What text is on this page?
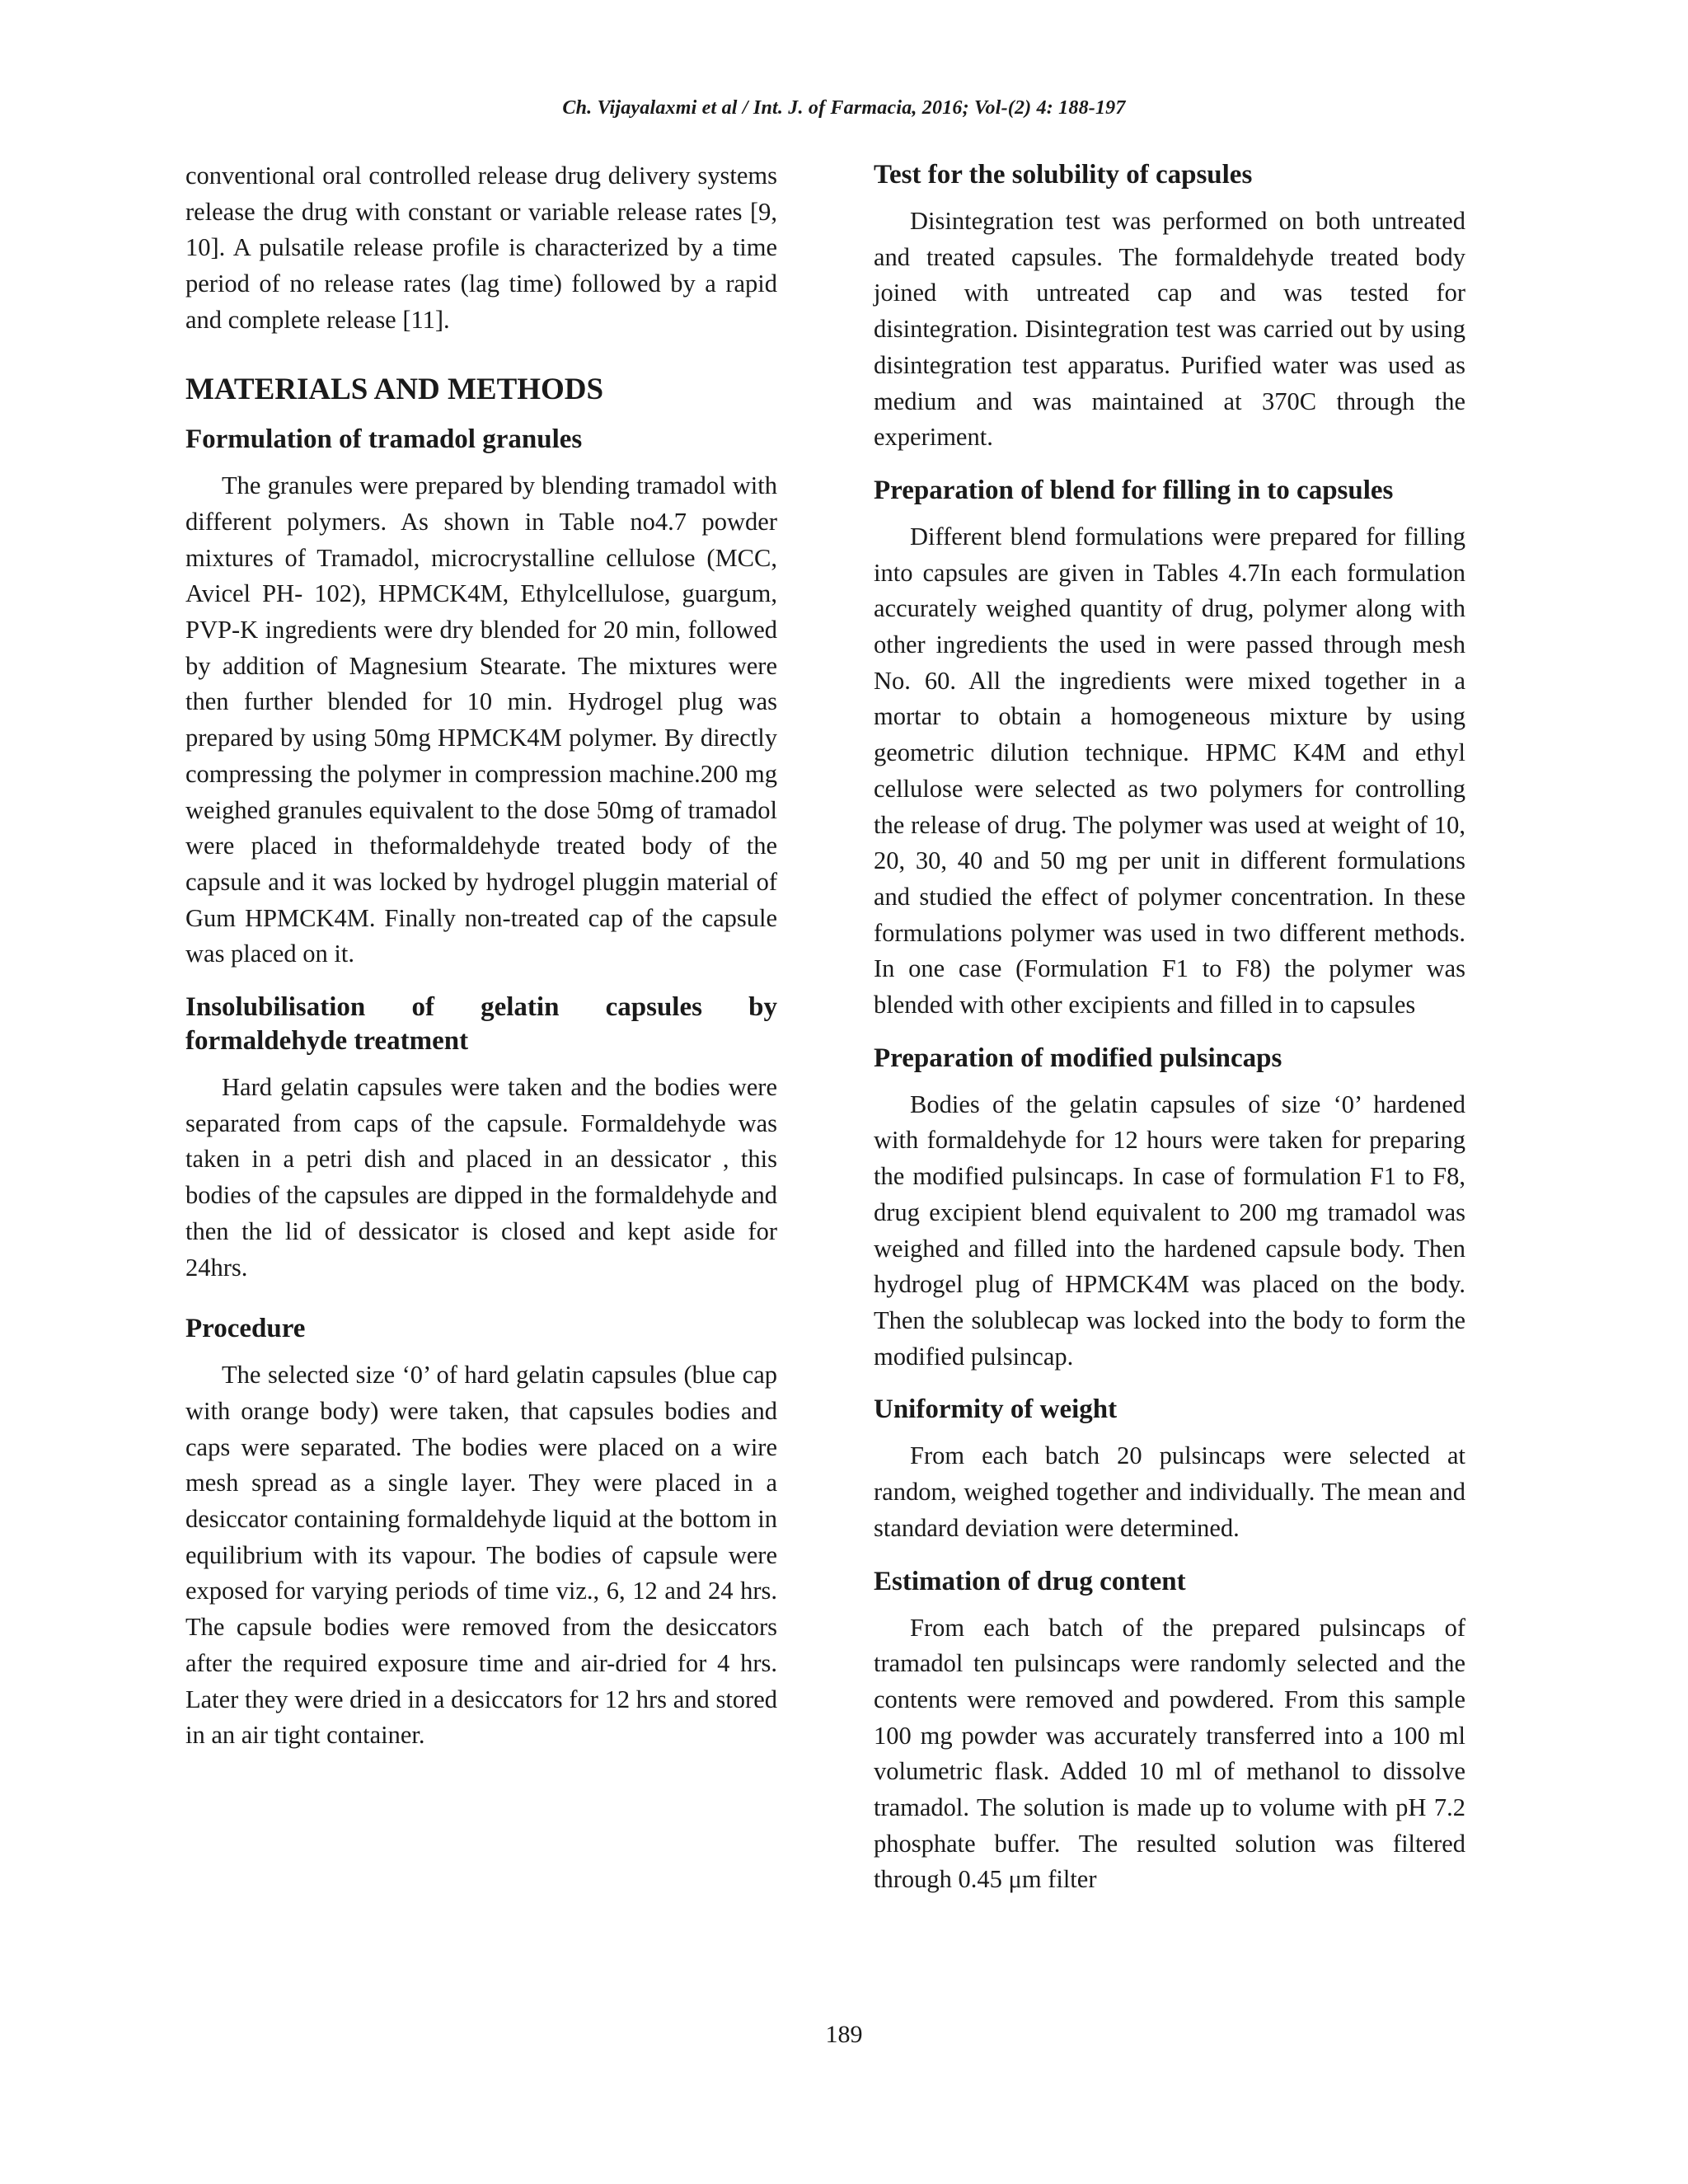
Ch. Vijayalaxmi et al / Int. J. of Farmacia, 2016; Vol-(2) 4: 188-197

conventional oral controlled release drug delivery systems release the drug with constant or variable release rates [9, 10]. A pulsatile release profile is characterized by a time period of no release rates (lag time) followed by a rapid and complete release [11].

MATERIALS AND METHODS
Formulation of tramadol granules

The granules were prepared by blending tramadol with different polymers. As shown in Table no4.7 powder mixtures of Tramadol, microcrystalline cellulose (MCC, Avicel PH- 102), HPMCK4M, Ethylcellulose, guargum, PVP-K ingredients were dry blended for 20 min, followed by addition of Magnesium Stearate. The mixtures were then further blended for 10 min. Hydrogel plug was prepared by using 50mg HPMCK4M polymer. By directly compressing the polymer in compression machine.200 mg weighed granules equivalent to the dose 50mg of tramadol were placed in theformaldehyde treated body of the capsule and it was locked by hydrogel pluggin material of Gum HPMCK4M. Finally non-treated cap of the capsule was placed on it.

Insolubilisation of gelatin capsules by formaldehyde treatment

Hard gelatin capsules were taken and the bodies were separated from caps of the capsule. Formaldehyde was taken in a petri dish and placed in an dessicator , this bodies of the capsules are dipped in the formaldehyde and then the lid of dessicator is closed and kept aside for 24hrs.

Procedure

The selected size ‘0’ of hard gelatin capsules (blue cap with orange body) were taken, that capsules bodies and caps were separated. The bodies were placed on a wire mesh spread as a single layer. They were placed in a desiccator containing formaldehyde liquid at the bottom in equilibrium with its vapour. The bodies of capsule were exposed for varying periods of time viz., 6, 12 and 24 hrs. The capsule bodies were removed from the desiccators after the required exposure time and air-dried for 4 hrs. Later they were dried in a desiccators for 12 hrs and stored in an air tight container.

Test for the solubility of capsules

Disintegration test was performed on both untreated and treated capsules. The formaldehyde treated body joined with untreated cap and was tested for disintegration. Disintegration test was carried out by using disintegration test apparatus. Purified water was used as medium and was maintained at 370C through the experiment.

Preparation of blend for filling in to capsules

Different blend formulations were prepared for filling into capsules are given in Tables 4.7In each formulation accurately weighed quantity of drug, polymer along with other ingredients the used in were passed through mesh No. 60. All the ingredients were mixed together in a mortar to obtain a homogeneous mixture by using geometric dilution technique. HPMC K4M and ethyl cellulose were selected as two polymers for controlling the release of drug. The polymer was used at weight of 10, 20, 30, 40 and 50 mg per unit in different formulations and studied the effect of polymer concentration. In these formulations polymer was used in two different methods. In one case (Formulation F1 to F8) the polymer was blended with other excipients and filled in to capsules

Preparation of modified pulsincaps

Bodies of the gelatin capsules of size ‘0’ hardened with formaldehyde for 12 hours were taken for preparing the modified pulsincaps. In case of formulation F1 to F8, drug excipient blend equivalent to 200 mg tramadol was weighed and filled into the hardened capsule body. Then hydrogel plug of HPMCK4M was placed on the body. Then the solublecap was locked into the body to form the modified pulsincap.

Uniformity of weight

From each batch 20 pulsincaps were selected at random, weighed together and individually. The mean and standard deviation were determined.

Estimation of drug content

From each batch of the prepared pulsincaps of tramadol ten pulsincaps were randomly selected and the contents were removed and powdered. From this sample 100 mg powder was accurately transferred into a 100 ml volumetric flask. Added 10 ml of methanol to dissolve tramadol. The solution is made up to volume with pH 7.2 phosphate buffer. The resulted solution was filtered through 0.45 μm filter

189
